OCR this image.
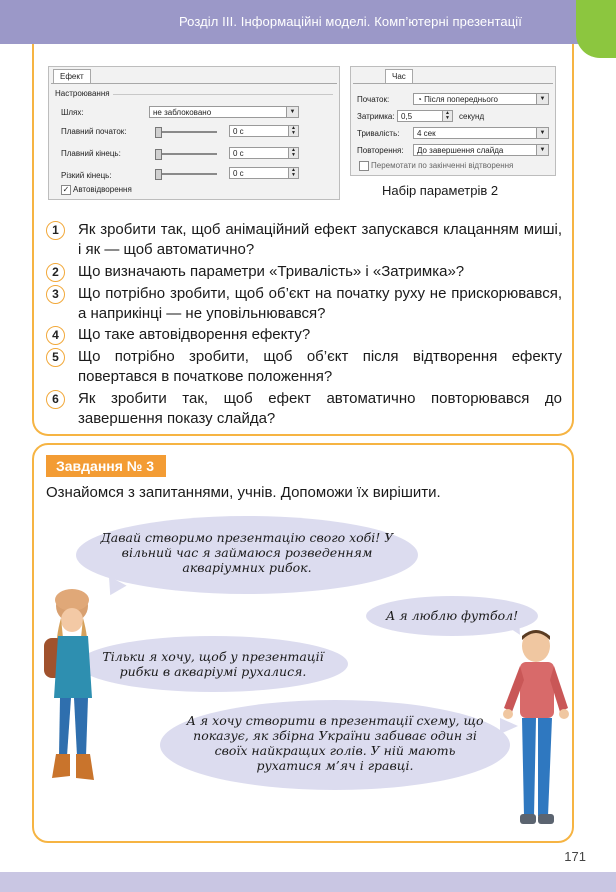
Розділ ІІІ. Інформаційні моделі. Комп’ютерні презентації
Ефект
Настроювання
Шлях:	не заблоковано	▼
Плавний початок:	0 с	▲
▼
Плавний кінець:	0 с	▲
▼
Різкий кінець:	0 с	▲
▼
✓ Автовідворення
Час
Початок:	◔ Після попереднього	▼
Затримка: 0,5	▲
▼ секунд
Тривалість:	4 сек	▼
Повторення:	До завершення слайда	▼
Перемотати по закінченні відтворення
Набір параметрів 2
1	Як зробити так, щоб анімаційний ефект запускався клацанням миші, і як — щоб автоматично?
2	Що визначають параметри «Тривалість» і «Затримка»?
3	Що потрібно зробити, щоб об’єкт на початку руху не прискорювався, а наприкінці — не уповільнювався?
4	Що таке автовідворення ефекту?
5	Що потрібно зробити, щоб об’єкт після відтворення ефекту повертався в початкове положення?
6	Як зробити так, щоб ефект автоматично повторювався до завершення показу слайда?
Завдання № 3
Ознайомся з запитаннями, учнів. Допоможи їх вирішити.
Давай створимо презентацію свого хобі! У вільний час я займаюся розведенням акваріумних рибок.
А я люблю футбол!
Тільки я хочу, щоб у презентації рибки в акваріумі рухалися.
А я хочу створити в презентації схему, що показує, як збірна України забиває один зі своїх найкращих голів. У ній мають рухатися м’яч і гравці.
171
